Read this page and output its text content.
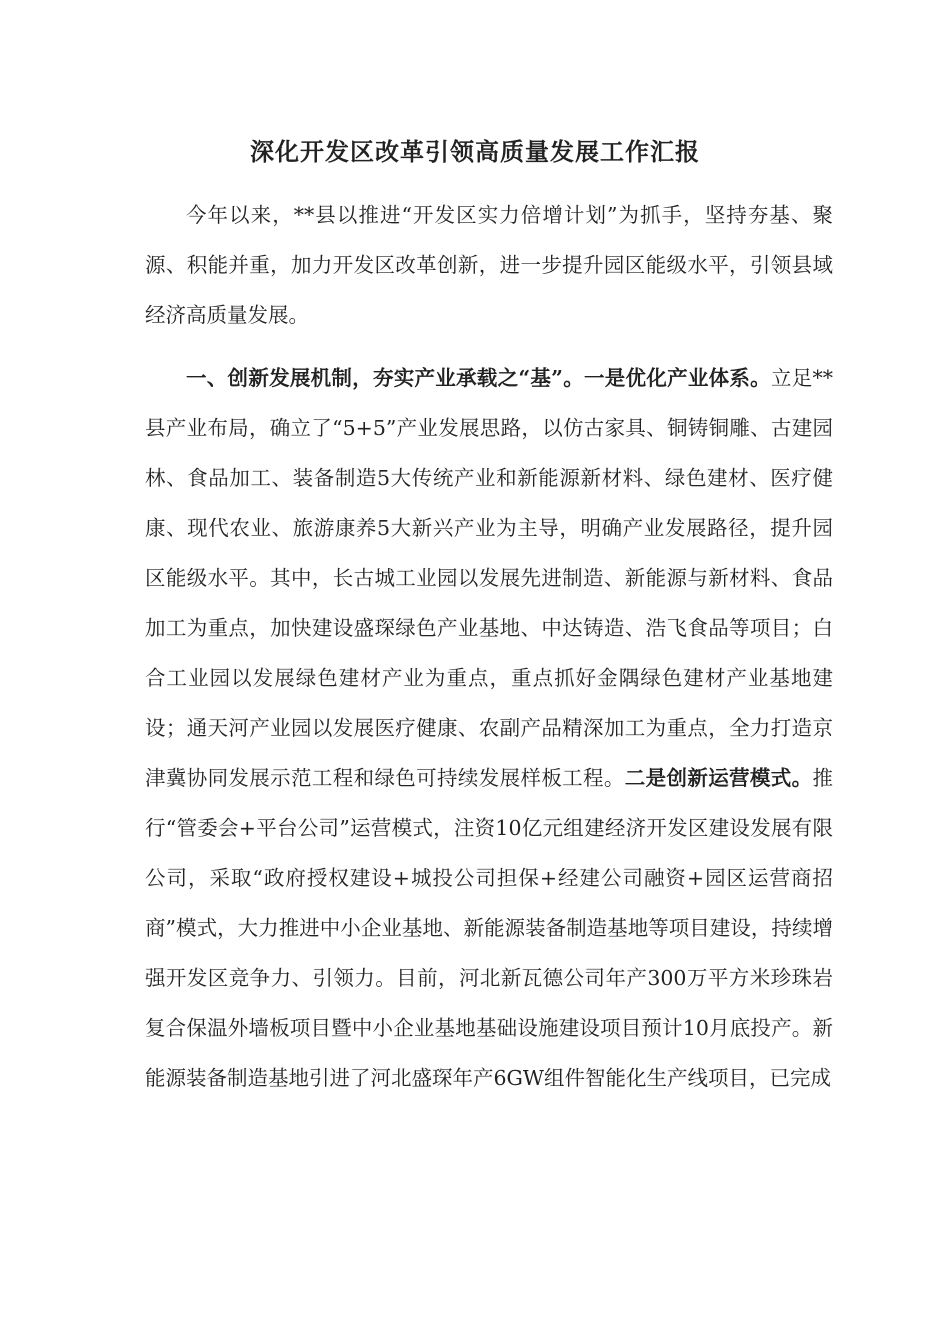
深化开发区改革引领高质量发展工作汇报

今年以来，**县以推进“开发区实力倍增计划”为抓手，坚持夯基、聚源、积能并重，加力开发区改革创新，进一步提升园区能级水平，引领县域经济高质量发展。

一、创新发展机制，夯实产业承载之“基”。一是优化产业体系。立足**县产业布局，确立了“5+5”产业发展思路，以仿古家具、铜铸铜雕、古建园林、食品加工、装备制造5大传统产业和新能源新材料、绿色建材、医疗健康、现代农业、旅游康养5大新兴产业为主导，明确产业发展路径，提升园区能级水平。其中，长古城工业园以发展先进制造、新能源与新材料、食品加工为重点，加快建设盛琛绿色产业基地、中达铸造、浩飞食品等项目；白合工业园以发展绿色建材产业为重点，重点抓好金隅绿色建材产业基地建设；通天河产业园以发展医疗健康、农副产品精深加工为重点，全力打造京津冀协同发展示范工程和绿色可持续发展样板工程。二是创新运营模式。推行“管委会+平台公司”运营模式，注资10亿元组建经济开发区建设发展有限公司，采取“政府授权建设+城投公司担保+经建公司融资+园区运营商招商”模式，大力推进中小企业基地、新能源装备制造基地等项目建设，持续增强开发区竞争力、引领力。目前，河北新瓦德公司年产300万平方米珍珠岩复合保温外墙板项目暨中小企业基地基础设施建设项目预计10月底投产。新能源装备制造基地引进了河北盛琛年产6GW组件智能化生产线项目，已完成
